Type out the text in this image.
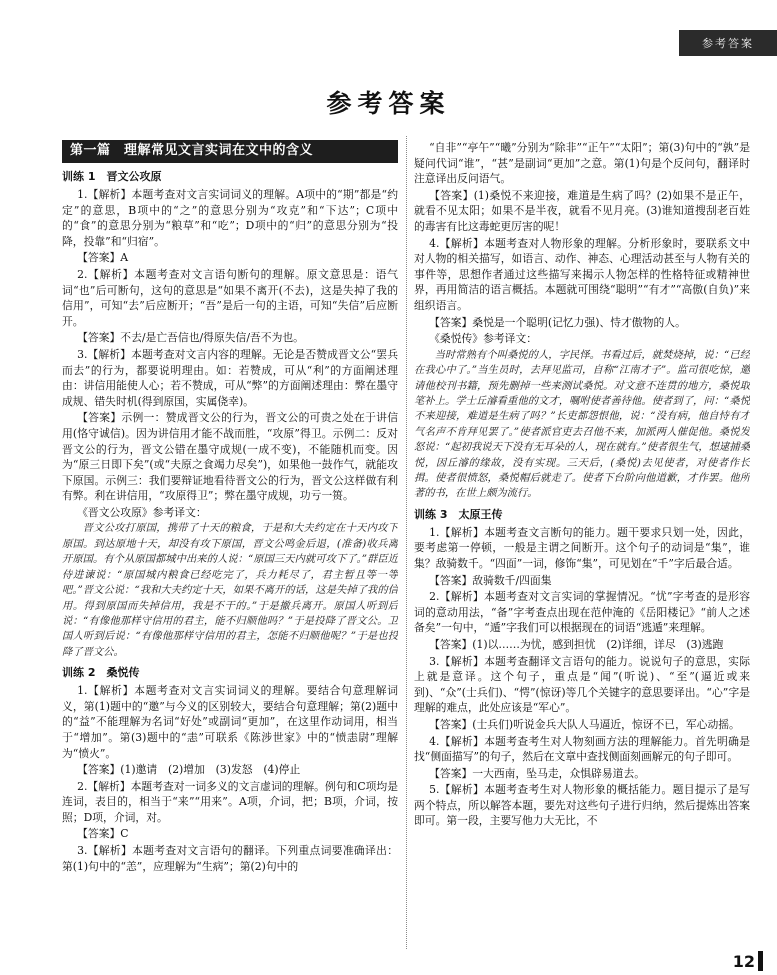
参考答案
参考答案
第一篇　理解常见文言实词在文中的含义
训练 1　晋文公攻原

1.【解析】本题考查对文言实词词义的理解。A项中的“期”都是“约定”的意思，B项中的“之”的意思分别为“攻克”和“下达”；C项中的“食”的意思分别为“粮草”和“吃”；D项中的“归”的意思分别为“投降，投靠”和“归宿”。

【答案】A

2.【解析】本题考查对文言语句断句的理解。原文意思是：语气词“也”后可断句，这句的意思是“如果不离开(不去)，这是失掉了我的信用”，可知“去”后应断开；“吾”是后一句的主语，可知“失信”后应断开。

【答案】不去/是亡吾信也/得原失信/吾不为也。

3.【解析】本题考查对文言内容的理解。无论是否赞成晋文公“罢兵而去”的行为，都要说明理由。如：若赞成，可从“利”的方面阐述理由：讲信用能使人心；若不赞成，可从“弊”的方面阐述理由：弊在墨守成规、错失时机(得到原国，实属侥幸)。

【答案】示例一：赞成晋文公的行为，晋文公的可贵之处在于讲信用(恪守诚信)。因为讲信用才能不战而胜，“攻原”得卫。示例二：反对晋文公的行为，晋文公错在墨守成规(一成不变)，不能随机而变。因为“原三日即下矣”(或“夫原之食竭力尽矣”)，如果他一鼓作气，就能攻下原国。示例三：我们要辩证地看待晋文公的行为，晋文公这样做有利有弊。利在讲信用，“攻原得卫”；弊在墨守成规，功亏一篑。

《晋文公攻原》参考译文：

晋文公攻打原国，携带了十天的粮食，于是和大夫约定在十天内攻下原国。到达原地十天，却没有攻下原国，晋文公鸣金后退，(准备)收兵离开原国。有个从原国都城中出来的人说：“原国三天内就可攻下了。”群臣近侍进谏说：“原国城内粮食已经吃完了，兵力耗尽了，君主暂且等一等吧。”晋文公说：“我和大夫约定十天，如果不离开的话，这是失掉了我的信用。得到原国而失掉信用，我是不干的。”于是撤兵离开。原国人听到后说：“有像他那样守信用的君主，能不归顺他吗？”于是投降了晋文公。卫国人听到后说：“有像他那样守信用的君主，怎能不归顺他呢？”于是也投降了晋文公。

训练 2　桑悦传

1.【解析】本题考查对文言实词词义的理解。要结合句意理解词义，第(1)题中的“邀”与今义的区别较大，要结合句意理解；第(2)题中的“益”不能理解为名词“好处”或副词“更加”，在这里作动词用，相当于“增加”。第(3)题中的“恚”可联系《陈涉世家》中的“愤恚尉”理解为“愤火”。

【答案】(1)邀请　(2)增加　(3)发怒　(4)停止

2.【解析】本题考查对一词多义的文言虚词的理解。例句和C项均是连词，表目的，相当于“来”“用来”。A项，介词，把；B项，介词，按照；D项，介词，对。

【答案】C

3.【解析】本题考查对文言语句的翻译。下列重点词要准确译出：第(1)句中的“恙”，应理解为“生病”；第(2)句中的

“自非”“亭午”“曦”分别为“除非”“正午”“太阳”；第(3)句中的“孰”是疑问代词“谁”，“甚”是副词“更加”之意。第(1)句是个反问句，翻译时注意译出反问语气。

【答案】(1)桑悦不来迎接，难道是生病了吗？(2)如果不是正午，就看不见太阳；如果不是半夜，就看不见月亮。(3)谁知道搜刮老百姓的毒害有比这毒蛇更厉害的呢！

4.【解析】本题考查对人物形象的理解。分析形象时，要联系文中对人物的相关描写，如语言、动作、神态、心理活动甚至与人物有关的事件等，思想作者通过这些描写来揭示人物怎样的性格特征或精神世界，再用简洁的语言概括。本题就可围绕“聪明”“有才”“高傲(自负)”来组织语言。

【答案】桑悦是一个聪明(记忆力强)、恃才傲物的人。

《桑悦传》参考译文：

当时常熟有个叫桑悦的人，字民怿。书看过后，就焚烧掉，说：“已经在我心中了。”当生员时，去拜见监司，自称“江南才子”。监司很吃惊，邀请他校刊书籍，预先删掉一些来测试桑悦。对文意不连贯的地方，桑悦取笔补上。学士丘濬看重他的文才，嘱咐使者善待他。使者到了，问：“桑悦不来迎接，难道是生病了吗？”长吏都怨恨他，说：“没有病，他自恃有才气名声不肯拜见罢了。”使者派官吏去召他不来，加派两人催促他。桑悦发怒说：“起初我说天下没有无耳朵的人，现在就有。”使者很生气，想逮捕桑悦，因丘濬的缘故，没有实现。三天后，(桑悦)去见使者，对使者作长揖。使者很愤怒，桑悦帽后就走了。使者下台阶向他道歉，才作罢。他所著的书，在世上颇为流行。

训练 3　太原王传

1.【解析】本题考查文言断句的能力。题干要求只划一处，因此，要考虑第一停顿，一般是主谓之间断开。这个句子的动词是“集”，谁集？敌骑数千。“四面”一词，修饰“集”，可见划在“千”字后最合适。

【答案】敌骑数千/四面集

2.【解析】本题考查对文言实词的掌握情况。“忧”字考查的是形容词的意动用法，“备”字考查点出现在范仲淹的《岳阳楼记》“前人之述备矣”一句中，“遁”字我们可以根据现在的词语“逃遁”来理解。

【答案】(1)以……为忧，感到担忧　(2)详细，详尽　(3)逃跑

3.【解析】本题考查翻译文言语句的能力。说说句子的意思，实际上就是意译。这个句子，重点是“闻”(听说)、“至”(逼近或来到)、“众”(士兵们)、“愕”(惊讶)等几个关键字的意思要译出。“心”字是理解的难点，此处应该是“军心”。

【答案】(士兵们)听说金兵大队人马逼近，惊讶不已，军心动摇。

4.【解析】本题考查考生对人物刻画方法的理解能力。首先明确是找“侧面描写”的句子，然后在文章中查找侧面刻画解元的句子即可。

【答案】一大西南，坠马走，众惧辟易道去。

5.【解析】本题考查考生对人物形象的概括能力。题目提示了是写两个特点，所以解答本题，要先对这些句子进行归纳，然后提炼出答案即可。第一段，主要写他力大无比，不

12
